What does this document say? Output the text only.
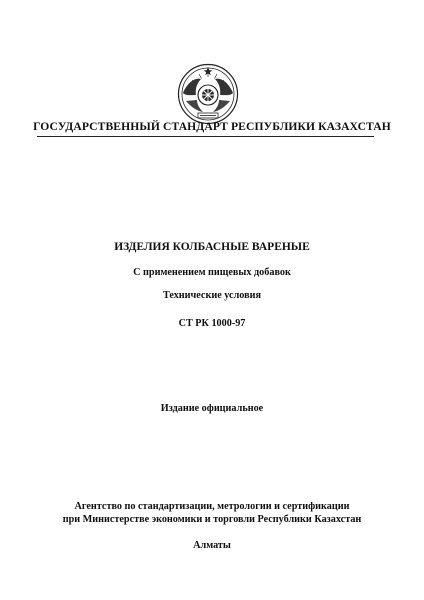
ГОСУДАРСТВЕННЫЙ СТАНДАРТ РЕСПУБЛИКИ КАЗАХСТАН
ИЗДЕЛИЯ КОЛБАСНЫЕ ВАРЕНЫЕ
С применением пищевых добавок
Технические условия
СТ РК 1000-97
Издание официальное
Агентство по стандартизации, метрологии и сертификации
при Министерстве экономики и торговли Республики Казахстан
Алматы
